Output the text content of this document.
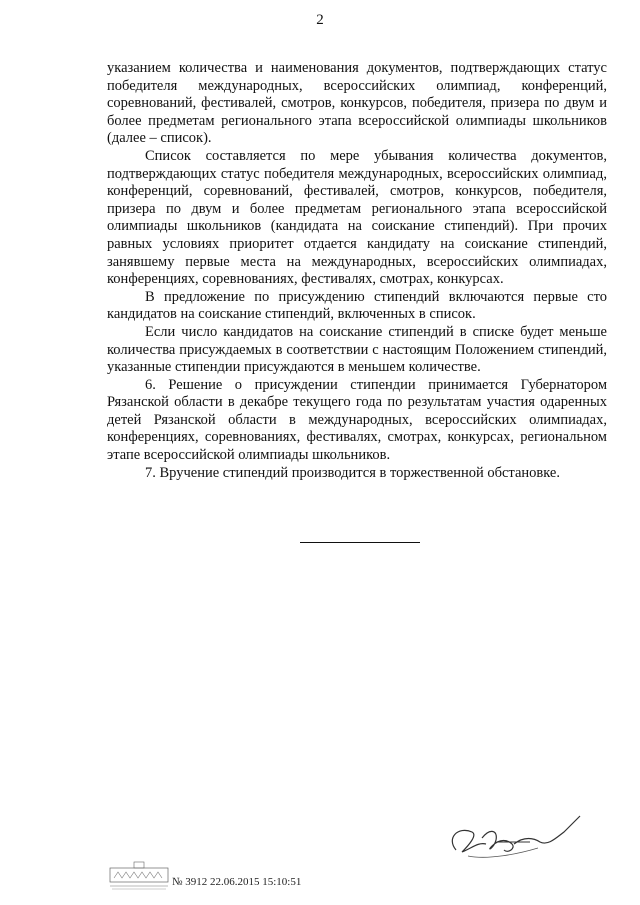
2

указанием количества и наименования документов, подтверждающих статус победителя международных, всероссийских олимпиад, конференций, соревнований, фестивалей, смотров, конкурсов, победителя, призера по двум и более предметам регионального этапа всероссийской олимпиады школьников (далее – список).

Список составляется по мере убывания количества документов, подтверждающих статус победителя международных, всероссийских олимпиад, конференций, соревнований, фестивалей, смотров, конкурсов, победителя, призера по двум и более предметам регионального этапа всероссийской олимпиады школьников (кандидата на соискание стипендий). При прочих равных условиях приоритет отдается кандидату на соискание стипендий, занявшему первые места на международных, всероссийских олимпиадах, конференциях, соревнованиях, фестивалях, смотрах, конкурсах.

В предложение по присуждению стипендий включаются первые сто кандидатов на соискание стипендий, включенных в список.

Если число кандидатов на соискание стипендий в списке будет меньше количества присуждаемых в соответствии с настоящим Положением стипендий, указанные стипендии присуждаются в меньшем количестве.

6. Решение о присуждении стипендии принимается Губернатором Рязанской области в декабре текущего года по результатам участия одаренных детей Рязанской области в международных, всероссийских олимпиадах, конференциях, соревнованиях, фестивалях, смотрах, конкурсах, региональном этапе всероссийской олимпиады школьников.

7. Вручение стипендий производится в торжественной обстановке.

№ 3912 22.06.2015 15:10:51
